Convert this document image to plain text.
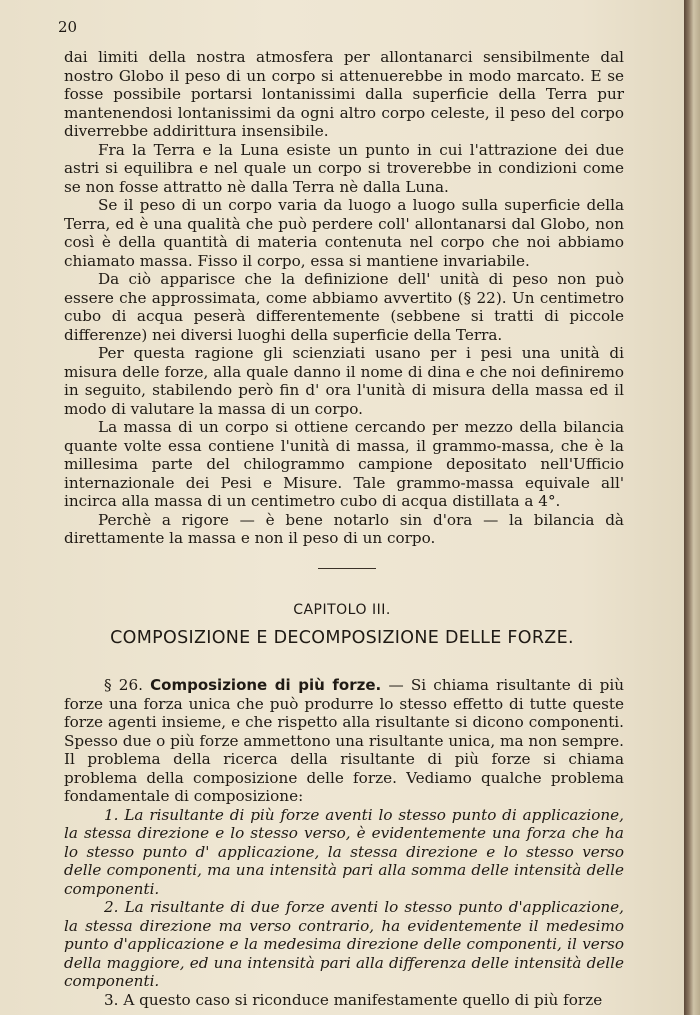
20

dai limiti della nostra atmosfera per allontanarci sensibilmente dal nostro Globo il peso di un corpo si attenuerebbe in modo marcato. E se fosse possibile portarsi lontanissimi dalla superficie della Terra pur mantenendosi lontanissimi da ogni altro corpo celeste, il peso del corpo diverrebbe addirittura insensibile.

Fra la Terra e la Luna esiste un punto in cui l'attrazione dei due astri si equilibra e nel quale un corpo si troverebbe in condizioni come se non fosse attratto nè dalla Terra nè dalla Luna.

Se il peso di un corpo varia da luogo a luogo sulla superficie della Terra, ed è una qualità che può perdere coll' allontanarsi dal Globo, non così è della quantità di materia contenuta nel corpo che noi abbiamo chiamato massa. Fisso il corpo, essa si mantiene invariabile.

Da ciò apparisce che la definizione dell' unità di peso non può essere che approssimata, come abbiamo avvertito (§ 22). Un centimetro cubo di acqua peserà differentemente (sebbene si tratti di piccole differenze) nei diversi luoghi della superficie della Terra.

Per questa ragione gli scienziati usano per i pesi una unità di misura delle forze, alla quale danno il nome di dina e che noi definiremo in seguito, stabilendo però fin d' ora l'unità di misura della massa ed il modo di valutare la massa di un corpo.

La massa di un corpo si ottiene cercando per mezzo della bilancia quante volte essa contiene l'unità di massa, il grammo-massa, che è la millesima parte del chilogrammo campione depositato nell'Ufficio internazionale dei Pesi e Misure. Tale grammo-massa equivale all' incirca alla massa di un centimetro cubo di acqua distillata a 4°.

Perchè a rigore — è bene notarlo sin d'ora — la bilancia dà direttamente la massa e non il peso di un corpo.

CAPITOLO III.
COMPOSIZIONE E DECOMPOSIZIONE DELLE FORZE.

§ 26. Composizione di più forze. — Si chiama risultante di più forze una forza unica che può produrre lo stesso effetto di tutte queste forze agenti insieme, e che rispetto alla risultante si dicono componenti. Spesso due o più forze ammettono una risultante unica, ma non sempre. Il problema della ricerca della risultante di più forze si chiama problema della composizione delle forze. Vediamo qualche problema fondamentale di composizione:

1. La risultante di più forze aventi lo stesso punto di applicazione, la stessa direzione e lo stesso verso, è evidentemente una forza che ha lo stesso punto d' applicazione, la stessa direzione e lo stesso verso delle componenti, ma una intensità pari alla somma delle intensità delle componenti.

2. La risultante di due forze aventi lo stesso punto d'applicazione, la stessa direzione ma verso contrario, ha evidentemente il medesimo punto d'applicazione e la medesima direzione delle componenti, il verso della maggiore, ed una intensità pari alla differenza delle intensità delle componenti.

3. A questo caso si riconduce manifestamente quello di più forze
